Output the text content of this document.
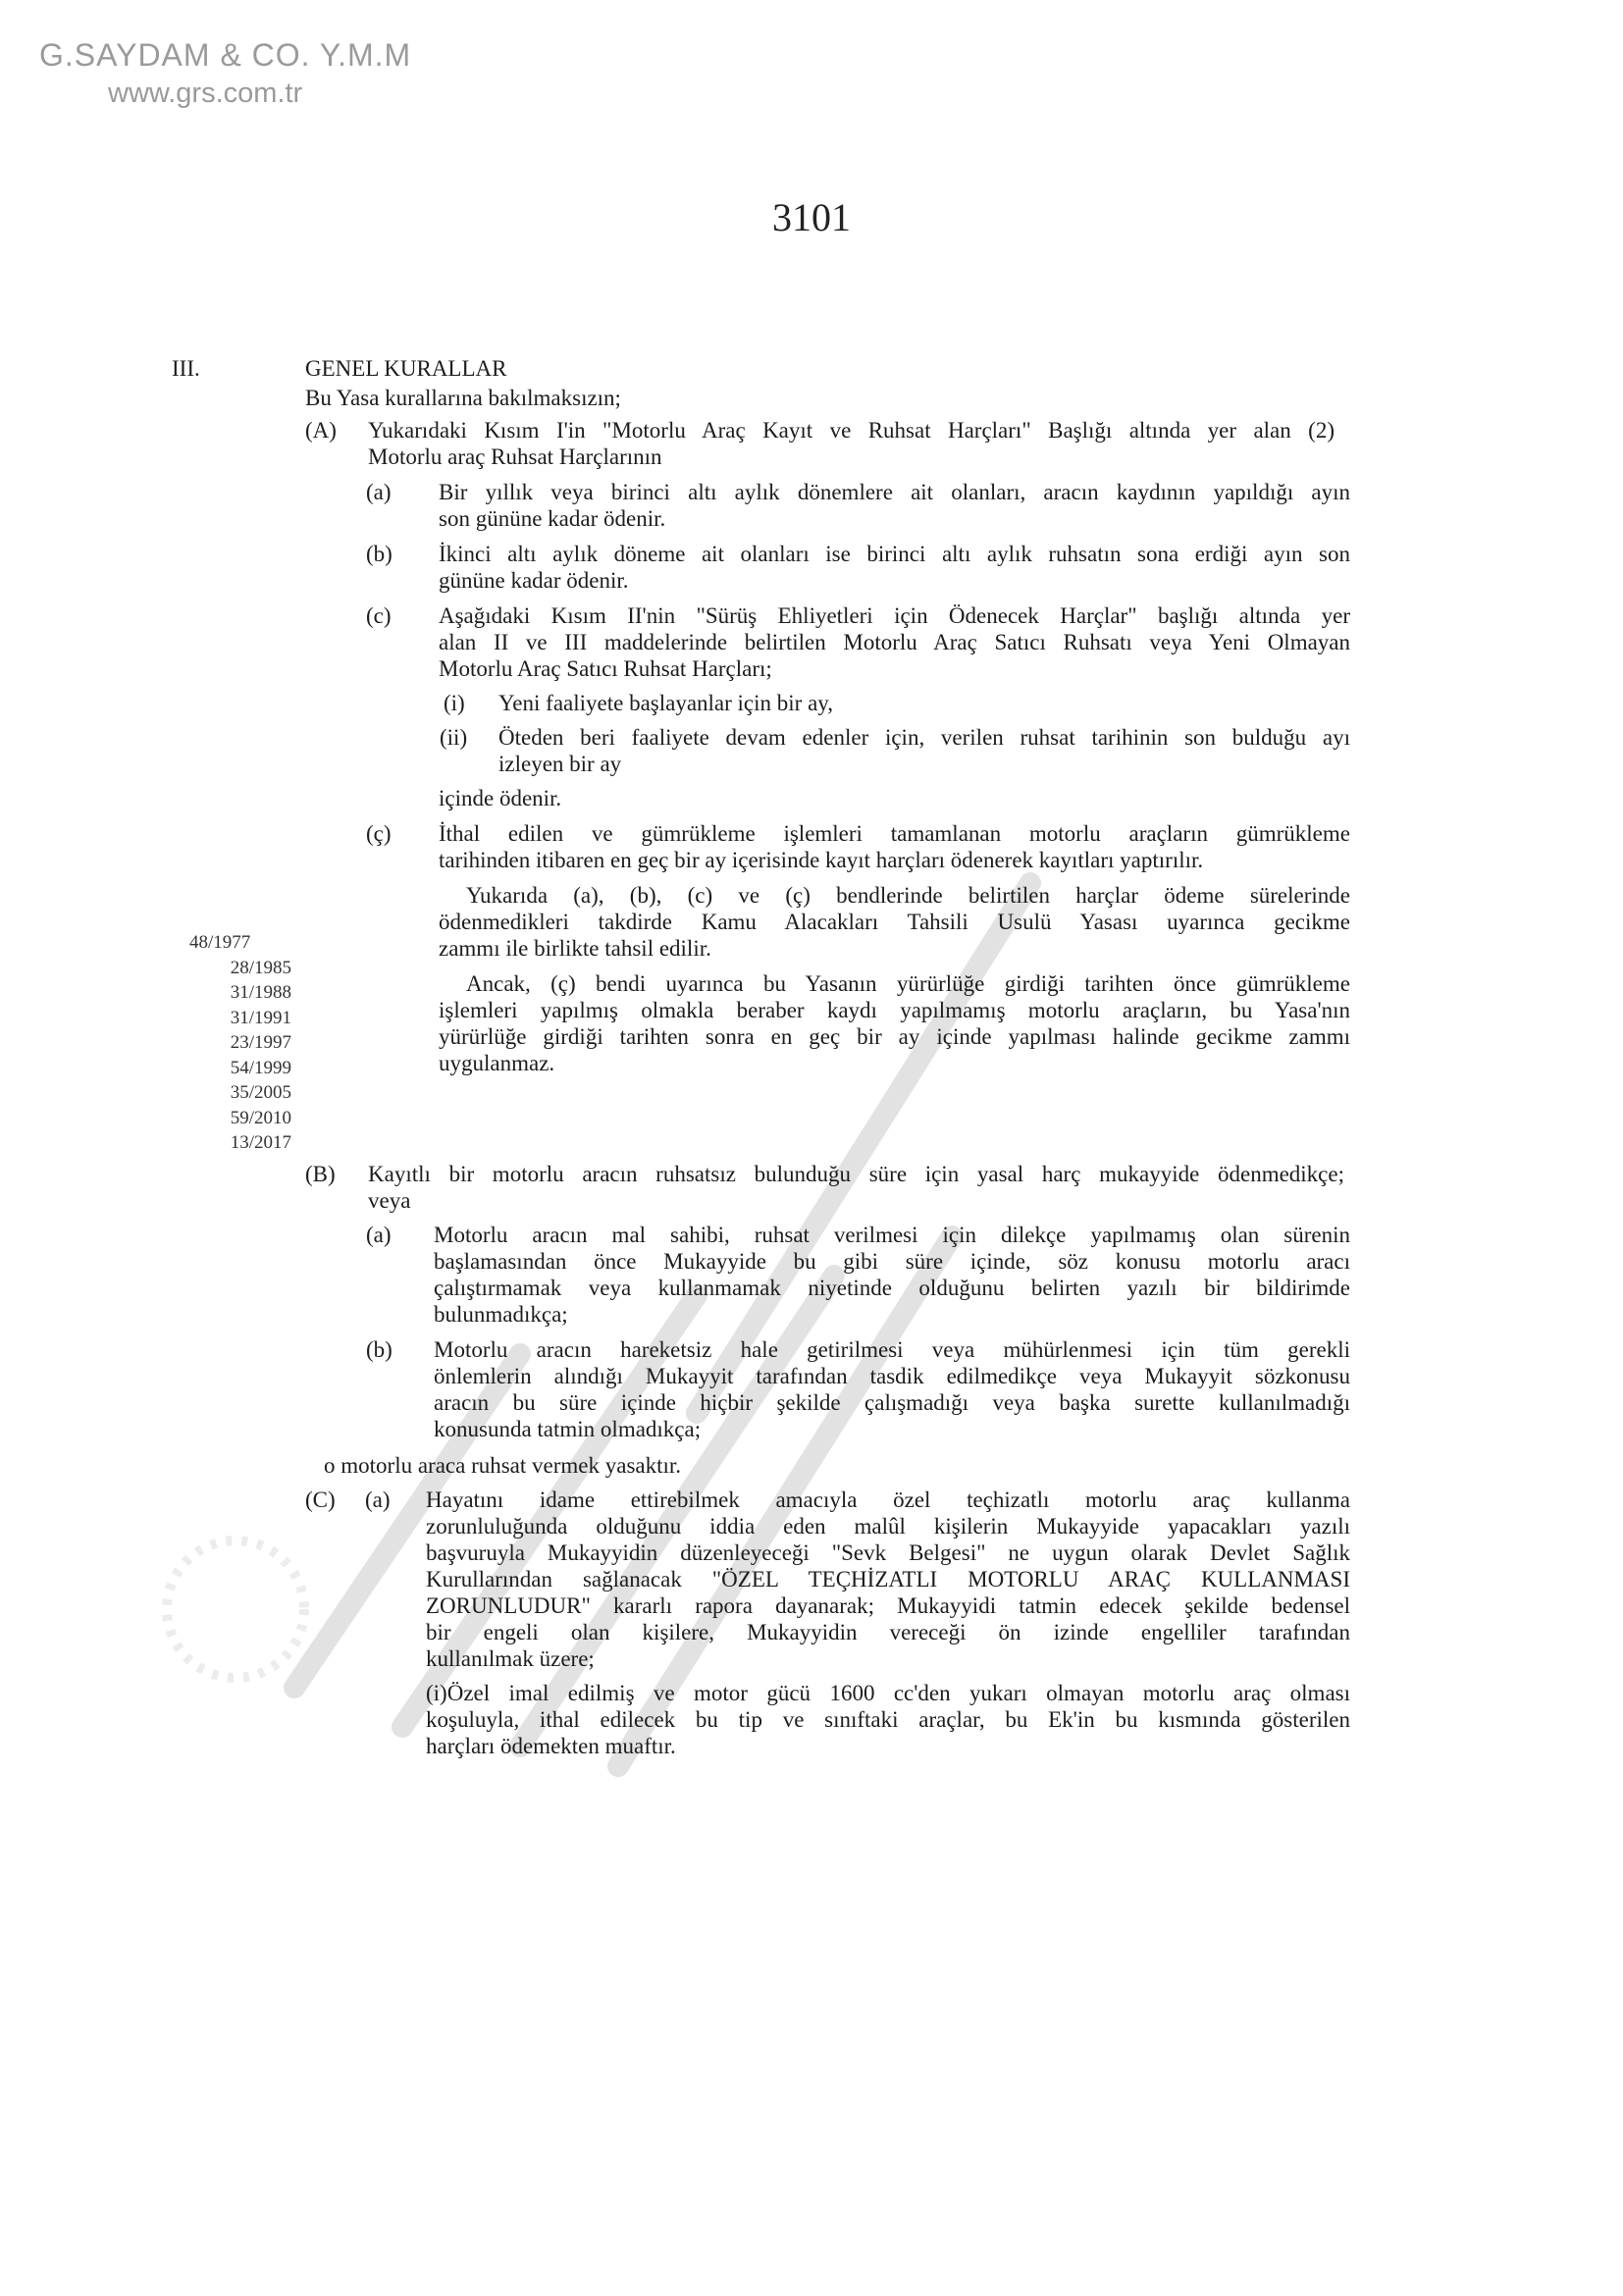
G.SAYDAM & CO. Y.M.M
www.grs.com.tr
3101
III.	GENEL KURALLAR
Bu Yasa kurallarına bakılmaksızın;
(A) Yukarıdaki Kısım I'in "Motorlu Araç Kayıt ve Ruhsat Harçları" Başlığı altında yer alan (2)
Motorlu araç Ruhsat Harçlarının
(a) Bir yıllık veya birinci altı aylık dönemlere ait olanları, aracın kaydının yapıldığı ayın
son gününe kadar ödenir.
(b) İkinci altı aylık döneme ait olanları ise birinci altı aylık ruhsatın sona erdiği ayın son
gününe kadar ödenir.
(c) Aşağıdaki Kısım II'nin "Sürüş Ehliyetleri için Ödenecek Harçlar" başlığı altında yer
alan II ve III maddelerinde belirtilen Motorlu Araç Satıcı Ruhsatı veya Yeni Olmayan
Motorlu Araç Satıcı Ruhsat Harçları;
(i) Yeni faaliyete başlayanlar için bir ay,
(ii) Öteden beri faaliyete devam edenler için, verilen ruhsat tarihinin son bulduğu ayı
izleyen bir ay
içinde ödenir.
(ç) İthal edilen ve gümrükleme işlemleri tamamlanan motorlu araçların gümrükleme
tarihinden itibaren en geç bir ay içerisinde kayıt harçları ödenerek kayıtları yaptırılır.
Yukarıda (a), (b), (c) ve (ç) bendlerinde belirtilen harçlar ödeme sürelerinde
ödenmedikleri takdirde Kamu Alacakları Tahsili Usulü Yasası uyarınca gecikme
zammı ile birlikte tahsil edilir.
Ancak, (ç) bendi uyarınca bu Yasanın yürürlüğe girdiği tarihten önce gümrükleme
işlemleri yapılmış olmakla beraber kaydı yapılmamış motorlu araçların, bu Yasa'nın
yürürlüğe girdiği tarihten sonra en geç bir ay içinde yapılması halinde gecikme zammı
uygulanmaz.
48/1977
28/1985
31/1988
31/1991
23/1997
54/1999
35/2005
59/2010
13/2017
(B) Kayıtlı bir motorlu aracın ruhsatsız bulunduğu süre için yasal harç mukayyide ödenmedikçe;
veya
(a) Motorlu aracın mal sahibi, ruhsat verilmesi için dilekçe yapılmamış olan sürenin
başlamasından önce Mukayyide bu gibi süre içinde, söz konusu motorlu aracı
çalıştırmamak veya kullanmamak niyetinde olduğunu belirten yazılı bir bildirimde
bulunmadıkça;
(b) Motorlu aracın hareketsiz hale getirilmesi veya mühürlenmesi için tüm gerekli
önlemlerin alındığı Mukayyit tarafından tasdik edilmedikçe veya Mukayyit sözkonusu
aracın bu süre içinde hiçbir şekilde çalışmadığı veya başka surette kullanılmadığı
konusunda tatmin olmadıkça;
o motorlu araca ruhsat vermek yasaktır.
(C) (a) Hayatını idame ettirebilmek amacıyla özel teçhizatlı motorlu araç kullanma
zorunluluğunda olduğunu iddia eden malûl kişilerin Mukayyide yapacakları yazılı
başvuruyla Mukayyidin düzenleyeceği "Sevk Belgesi" ne uygun olarak Devlet Sağlık
Kurullarından sağlanacak "ÖZEL TEÇHİZATLI MOTORLU ARAÇ KULLANMASI
ZORUNLUDUR" kararlı rapora dayanarak; Mukayyidi tatmin edecek şekilde bedensel
bir engeli olan kişilere, Mukayyidin vereceği ön izinde engelliler tarafından
kullanılmak üzere;
(i)Özel imal edilmiş ve motor gücü 1600 cc'den yukarı olmayan motorlu araç olması
koşuluyla, ithal edilecek bu tip ve sınıftaki araçlar, bu Ek'in bu kısmında gösterilen
harçları ödemekten muaftır.
